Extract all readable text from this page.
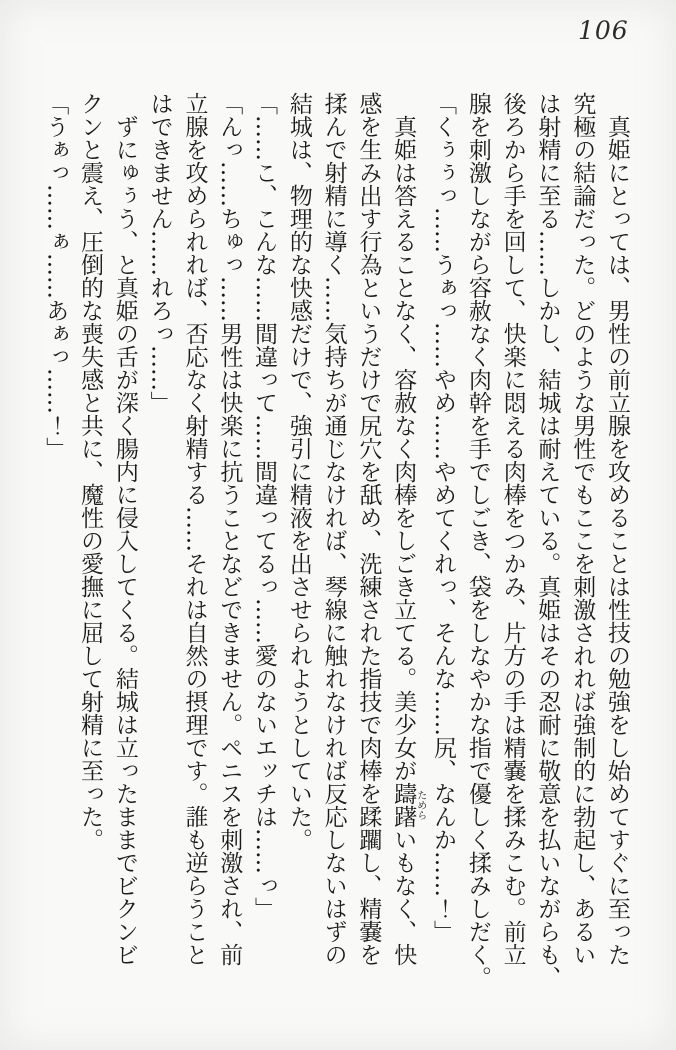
106
　真姫にとっては、男性の前立腺を攻めることは性技の勉強をし始めてすぐに至った
究極の結論だった。どのような男性でもここを刺激されれば強制的に勃起し、あるい
は射精に至る……しかし、結城は耐えている。真姫はその忍耐に敬意を払いながらも、
後ろから手を回して、快楽に悶える肉棒をつかみ、片方の手は精嚢を揉みこむ。前立
腺を刺激しながら容赦なく肉幹を手でしごき、袋をしなやかな指で優しく揉みしだく。
「くぅぅっ……うぁっ……やめ……やめてくれっ、そんな……尻、なんか……！」
　真姫は答えることなく、容赦なく肉棒をしごき立てる。美少女が躊躇ためらいもなく、快
感を生み出す行為というだけで尻穴を舐め、洗練された指技で肉棒を蹂躙し、精嚢を
揉んで射精に導く……気持ちが通じなければ、琴線に触れなければ反応しないはずの
結城は、物理的な快感だけで、強引に精液を出させられようとしていた。
「……こ、こんな……間違って……間違ってるっ……愛のないエッチは……っ」
「んっ……ちゅっ……男性は快楽に抗うことなどできません。ペニスを刺激され、前
立腺を攻められれば、否応なく射精する……それは自然の摂理です。誰も逆らうこと
はできません……れろっ……」
　ずにゅぅう、と真姫の舌が深く腸内に侵入してくる。結城は立ったままでビクンビ
クンと震え、圧倒的な喪失感と共に、魔性の愛撫に屈して射精に至った。
「うぁっ……ぁ……あぁっ……！」
